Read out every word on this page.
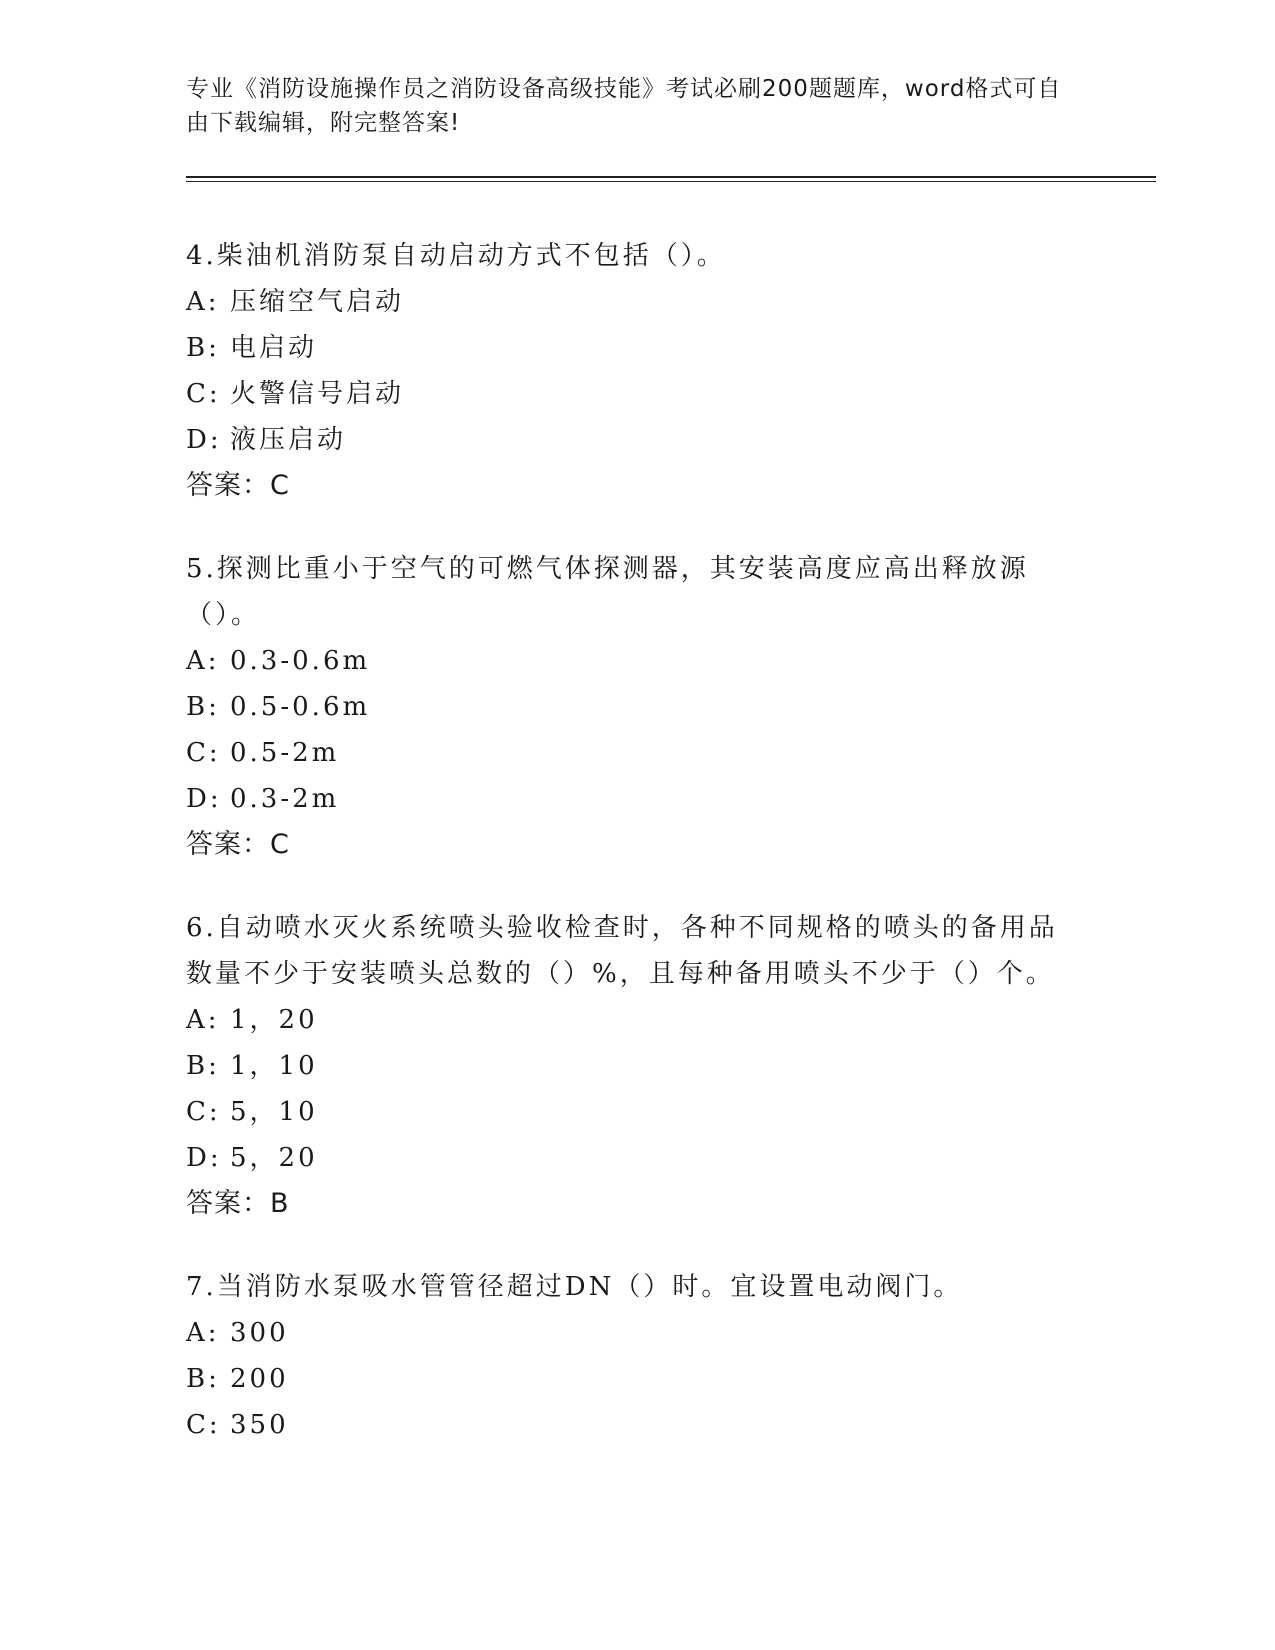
专业《消防设施操作员之消防设备高级技能》考试必刷200题题库，word格式可自由下载编辑，附完整答案!

4.柴油机消防泵自动启动方式不包括（）。

A: 压缩空气启动

B: 电启动

C: 火警信号启动

D: 液压启动

答案：C

5.探测比重小于空气的可燃气体探测器，其安装高度应高出释放源（）。

A: 0.3-0.6m

B: 0.5-0.6m

C: 0.5-2m

D: 0.3-2m

答案：C

6.自动喷水灭火系统喷头验收检查时，各种不同规格的喷头的备用品数量不少于安装喷头总数的（）%，且每种备用喷头不少于（）个。

A: 1，20

B: 1，10

C: 5，10

D: 5，20

答案：B

7.当消防水泵吸水管管径超过DN（）时。宜设置电动阀门。

A: 300

B: 200

C: 350
